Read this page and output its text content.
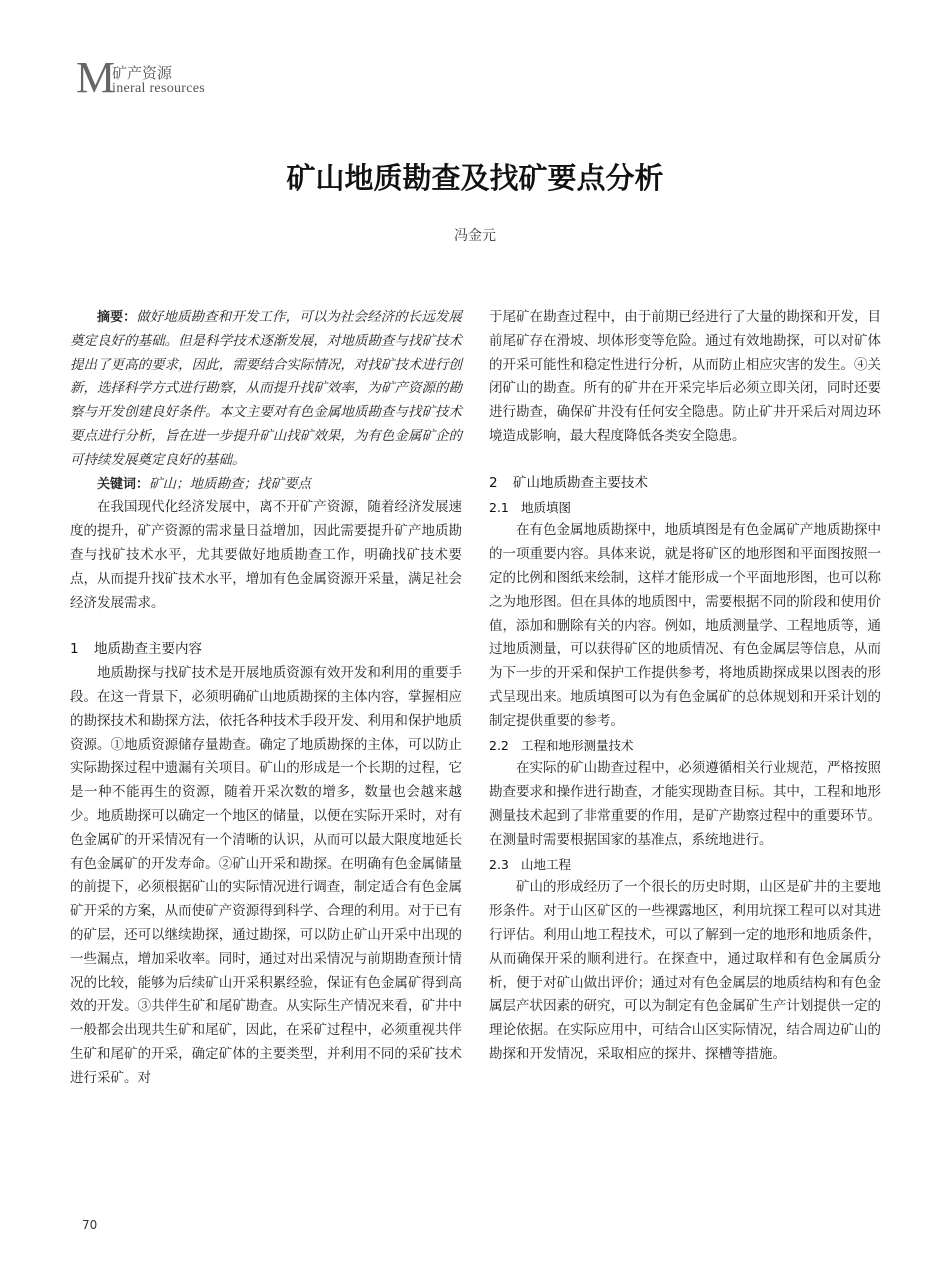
M
矿产资源
ineral resources
矿山地质勘查及找矿要点分析
冯金元

摘要：做好地质勘查和开发工作，可以为社会经济的长远发展奠定良好的基础。但是科学技术逐渐发展，对地质勘查与找矿技术提出了更高的要求，因此，需要结合实际情况，对找矿技术进行创新，选择科学方式进行勘察，从而提升找矿效率，为矿产资源的勘察与开发创建良好条件。本文主要对有色金属地质勘查与找矿技术要点进行分析，旨在进一步提升矿山找矿效果，为有色金属矿企的可持续发展奠定良好的基础。

关键词：矿山；地质勘查；找矿要点

在我国现代化经济发展中，离不开矿产资源，随着经济发展速度的提升，矿产资源的需求量日益增加，因此需要提升矿产地质勘查与找矿技术水平，尤其要做好地质勘查工作，明确找矿技术要点，从而提升找矿技术水平，增加有色金属资源开采量，满足社会经济发展需求。

1 地质勘查主要内容

地质勘探与找矿技术是开展地质资源有效开发和利用的重要手段。在这一背景下，必须明确矿山地质勘探的主体内容，掌握相应的勘探技术和勘探方法，依托各种技术手段开发、利用和保护地质资源。①地质资源储存量勘查。确定了地质勘探的主体，可以防止实际勘探过程中遗漏有关项目。矿山的形成是一个长期的过程，它是一种不能再生的资源，随着开采次数的增多，数量也会越来越少。地质勘探可以确定一个地区的储量，以便在实际开采时，对有色金属矿的开采情况有一个清晰的认识，从而可以最大限度地延长有色金属矿的开发寿命。②矿山开采和勘探。在明确有色金属储量的前提下，必须根据矿山的实际情况进行调查，制定适合有色金属矿开采的方案，从而使矿产资源得到科学、合理的利用。对于已有的矿层，还可以继续勘探，通过勘探，可以防止矿山开采中出现的一些漏点，增加采收率。同时，通过对出采情况与前期勘查预计情况的比较，能够为后续矿山开采积累经验，保证有色金属矿得到高效的开发。③共伴生矿和尾矿勘查。从实际生产情况来看，矿井中一般都会出现共生矿和尾矿，因此，在采矿过程中，必须重视共伴生矿和尾矿的开采，确定矿体的主要类型，并利用不同的采矿技术进行采矿。对

于尾矿在勘查过程中，由于前期已经进行了大量的勘探和开发，目前尾矿存在滑坡、坝体形变等危险。通过有效地勘探，可以对矿体的开采可能性和稳定性进行分析，从而防止相应灾害的发生。④关闭矿山的勘查。所有的矿井在开采完毕后必须立即关闭，同时还要进行勘查，确保矿井没有任何安全隐患。防止矿井开采后对周边环境造成影响，最大程度降低各类安全隐患。

2 矿山地质勘查主要技术
2.1 地质填图

在有色金属地质勘探中，地质填图是有色金属矿产地质勘探中的一项重要内容。具体来说，就是将矿区的地形图和平面图按照一定的比例和图纸来绘制，这样才能形成一个平面地形图，也可以称之为地形图。但在具体的地质图中，需要根据不同的阶段和使用价值，添加和删除有关的内容。例如，地质测量学、工程地质等，通过地质测量，可以获得矿区的地质情况、有色金属层等信息，从而为下一步的开采和保护工作提供参考，将地质勘探成果以图表的形式呈现出来。地质填图可以为有色金属矿的总体规划和开采计划的制定提供重要的参考。

2.2 工程和地形测量技术

在实际的矿山勘查过程中，必须遵循相关行业规范，严格按照勘查要求和操作进行勘查，才能实现勘查目标。其中，工程和地形测量技术起到了非常重要的作用，是矿产勘察过程中的重要环节。在测量时需要根据国家的基准点，系统地进行。

2.3 山地工程

矿山的形成经历了一个很长的历史时期，山区是矿井的主要地形条件。对于山区矿区的一些裸露地区，利用坑探工程可以对其进行评估。利用山地工程技术，可以了解到一定的地形和地质条件，从而确保开采的顺利进行。在探查中，通过取样和有色金属质分析，便于对矿山做出评价；通过对有色金属层的地质结构和有色金属层产状因素的研究，可以为制定有色金属矿生产计划提供一定的理论依据。在实际应用中，可结合山区实际情况，结合周边矿山的勘探和开发情况，采取相应的探井、探槽等措施。

70
